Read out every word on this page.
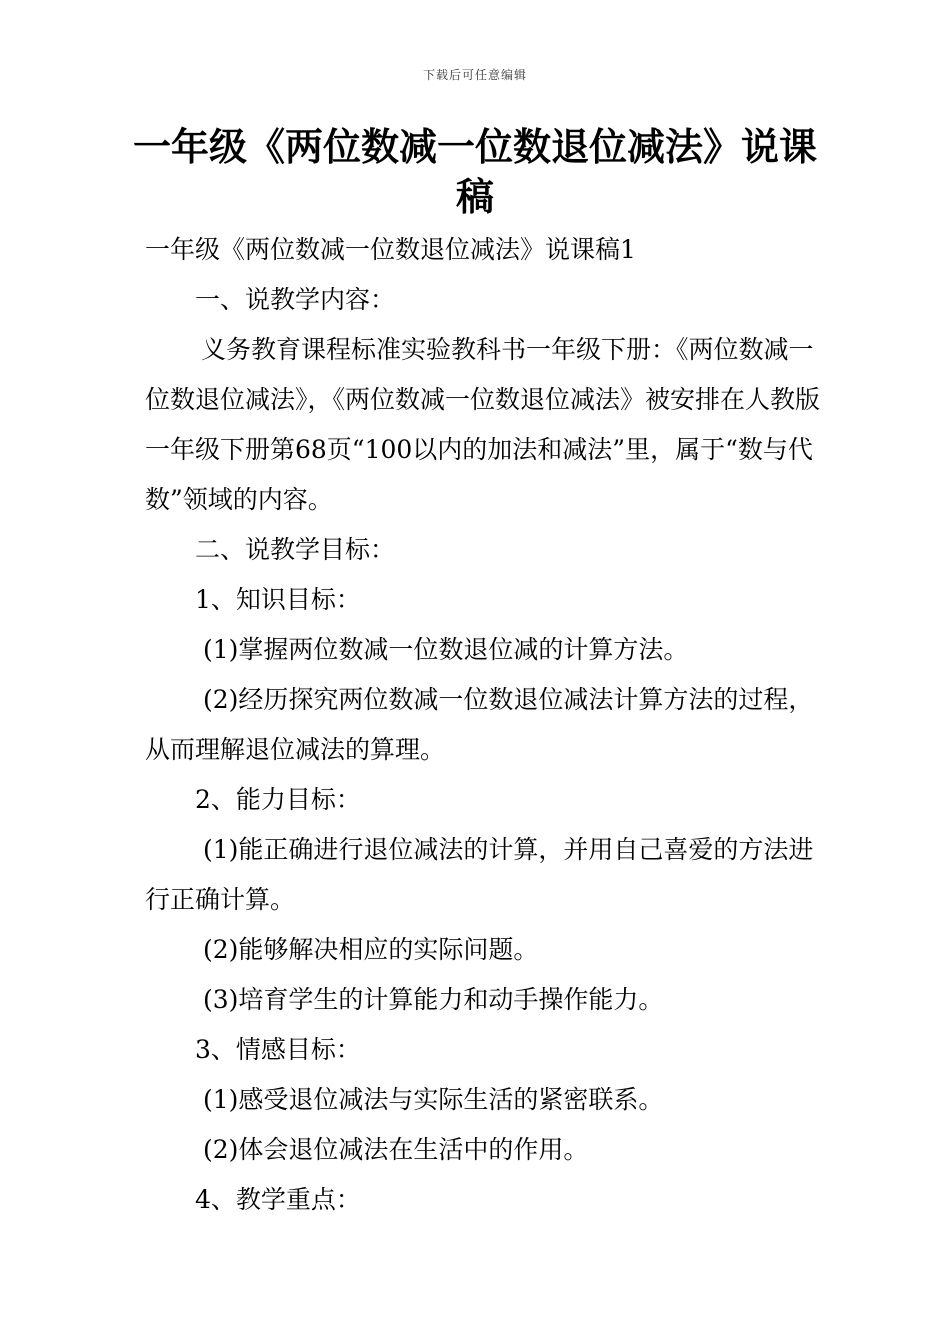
下载后可任意编辑
一年级《两位数减一位数退位减法》说课稿

一年级《两位数减一位数退位减法》说课稿1

一、说教学内容：

义务教育课程标准实验教科书一年级下册：《两位数减一位数退位减法》，《两位数减一位数退位减法》被安排在人教版一年级下册第68页“100以内的加法和减法”里，属于“数与代数”领域的内容。

二、说教学目标：

1、知识目标：

(1)掌握两位数减一位数退位减的计算方法。

(2)经历探究两位数减一位数退位减法计算方法的过程，从而理解退位减法的算理。

2、能力目标：

(1)能正确进行退位减法的计算，并用自己喜爱的方法进行正确计算。

(2)能够解决相应的实际问题。

(3)培育学生的计算能力和动手操作能力。

3、情感目标：

(1)感受退位减法与实际生活的紧密联系。

(2)体会退位减法在生活中的作用。

4、教学重点：
